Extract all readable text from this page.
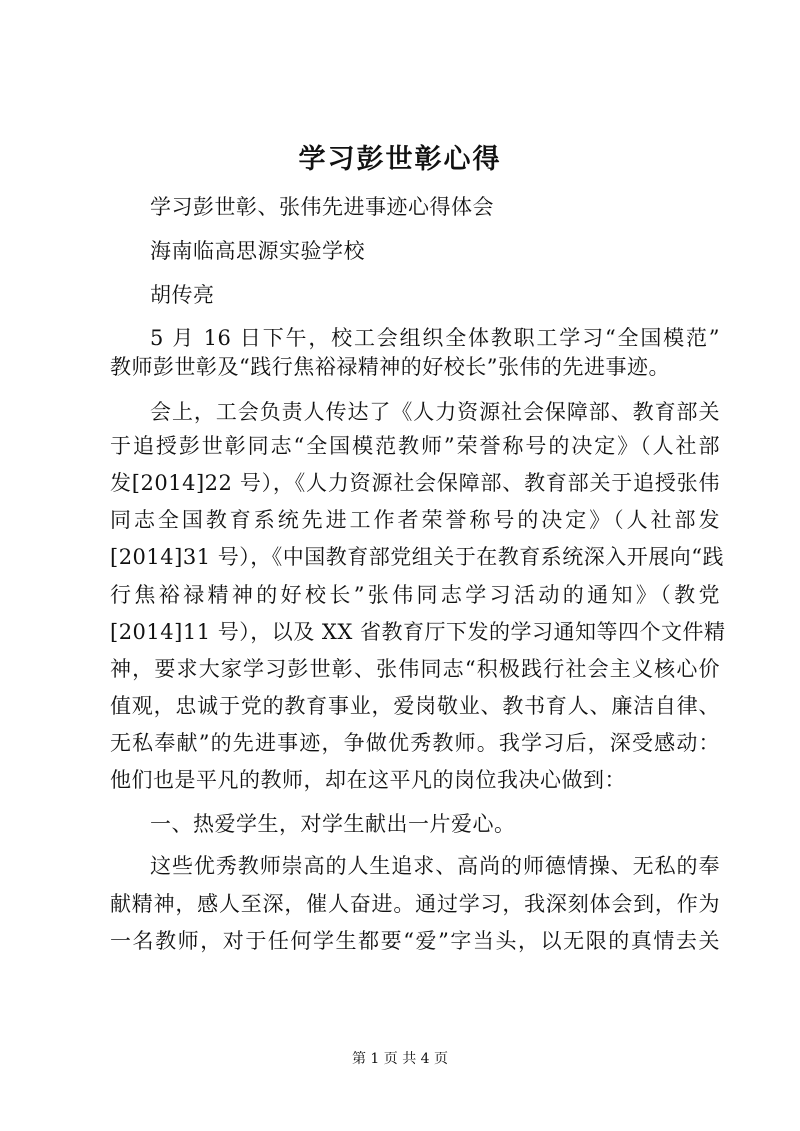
学习彭世彰心得
学习彭世彰、张伟先进事迹心得体会
海南临高思源实验学校
胡传亮
5 月 16 日下午，校工会组织全体教职工学习“全国模范”
教师彭世彰及“践行焦裕禄精神的好校长”张伟的先进事迹。
会上，工会负责人传达了《人力资源社会保障部、教育部关
于追授彭世彰同志“全国模范教师”荣誉称号的决定》（人社部
发[2014]22 号），《人力资源社会保障部、教育部关于追授张伟
同志全国教育系统先进工作者荣誉称号的决定》（人社部发
[2014]31 号），《中国教育部党组关于在教育系统深入开展向“践
行焦裕禄精神的好校长”张伟同志学习活动的通知》（教党
[2014]11 号），以及 XX 省教育厅下发的学习通知等四个文件精
神，要求大家学习彭世彰、张伟同志“积极践行社会主义核心价
值观，忠诚于党的教育事业，爱岗敬业、教书育人、廉洁自律、
无私奉献”的先进事迹，争做优秀教师。我学习后，深受感动：
他们也是平凡的教师，却在这平凡的岗位我决心做到：
一、热爱学生，对学生献出一片爱心。
这些优秀教师崇高的人生追求、高尚的师德情操、无私的奉
献精神，感人至深，催人奋进。通过学习，我深刻体会到，作为
一名教师，对于任何学生都要“爱”字当头，以无限的真情去关
第 1 页 共 4 页
